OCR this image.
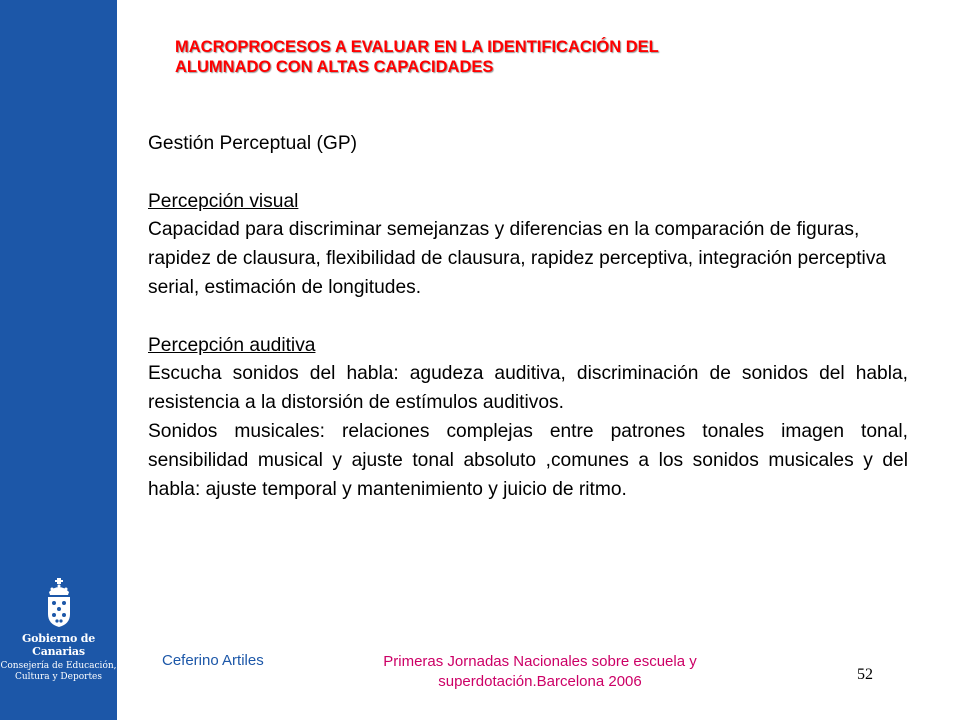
Gobierno de Canarias
Consejería de Educación,
Cultura y Deportes
MACROPROCESOS A EVALUAR EN LA IDENTIFICACIÓN DEL
ALUMNADO CON ALTAS CAPACIDADES

Gestión Perceptual (GP)

Percepción visual

Capacidad para discriminar semejanzas y diferencias en la comparación de figuras, rapidez de clausura, flexibilidad de clausura, rapidez perceptiva, integración perceptiva serial, estimación de longitudes.

Percepción auditiva

Escucha sonidos del habla: agudeza auditiva, discriminación de sonidos del habla, resistencia a la distorsión de estímulos auditivos.

Sonidos musicales: relaciones complejas entre patrones tonales imagen tonal, sensibilidad musical y ajuste tonal absoluto ,comunes a los sonidos musicales y del habla: ajuste temporal y mantenimiento y juicio de ritmo.

Ceferino Artiles	Primeras Jornadas Nacionales sobre escuela y
superdotación.Barcelona 2006	52
